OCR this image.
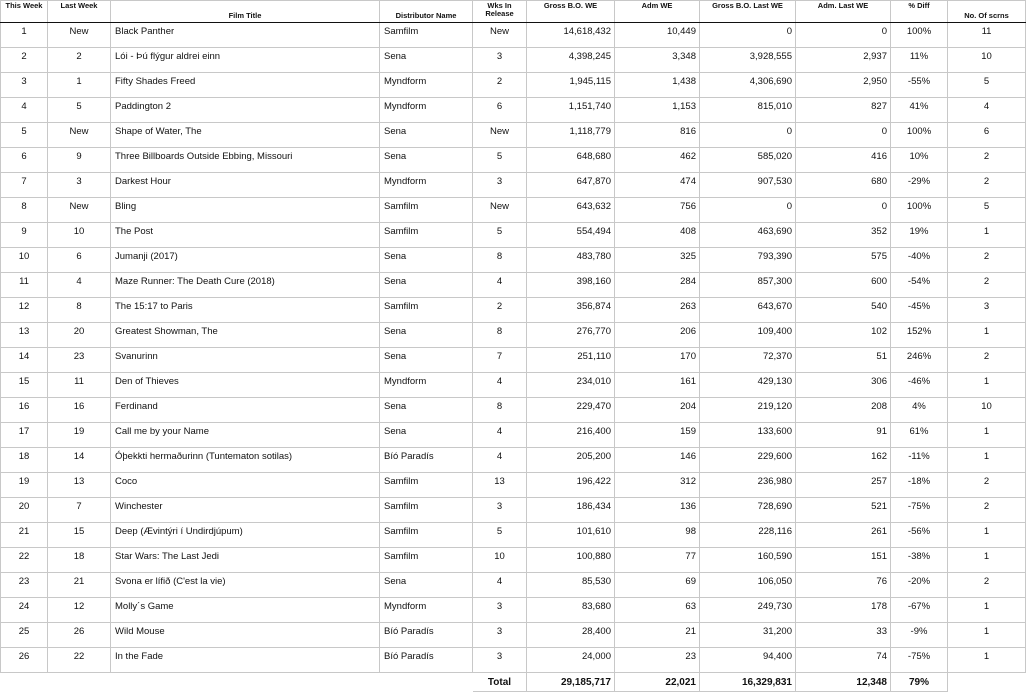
This Week	Last Week	Film Title	Distributor Name	Wks In Release	Gross B.O. WE	Adm WE	Gross B.O. Last WE	Adm. Last WE	% Diff	No. Of scrns
1	New	Black Panther	Samfilm	New	14,618,432	10,449	0	0	100%	11
2	2	Lói - Þú flýgur aldrei einn	Sena	3	4,398,245	3,348	3,928,555	2,937	11%	10
3	1	Fifty Shades Freed	Myndform	2	1,945,115	1,438	4,306,690	2,950	-55%	5
4	5	Paddington 2	Myndform	6	1,151,740	1,153	815,010	827	41%	4
5	New	Shape of Water, The	Sena	New	1,118,779	816	0	0	100%	6
6	9	Three Billboards Outside Ebbing, Missouri	Sena	5	648,680	462	585,020	416	10%	2
7	3	Darkest Hour	Myndform	3	647,870	474	907,530	680	-29%	2
8	New	Bling	Samfilm	New	643,632	756	0	0	100%	5
9	10	The Post	Samfilm	5	554,494	408	463,690	352	19%	1
10	6	Jumanji (2017)	Sena	8	483,780	325	793,390	575	-40%	2
11	4	Maze Runner: The Death Cure (2018)	Sena	4	398,160	284	857,300	600	-54%	2
12	8	The 15:17 to Paris	Samfilm	2	356,874	263	643,670	540	-45%	3
13	20	Greatest Showman, The	Sena	8	276,770	206	109,400	102	152%	1
14	23	Svanurinn	Sena	7	251,110	170	72,370	51	246%	2
15	11	Den of Thieves	Myndform	4	234,010	161	429,130	306	-46%	1
16	16	Ferdinand	Sena	8	229,470	204	219,120	208	4%	10
17	19	Call me by your Name	Sena	4	216,400	159	133,600	91	61%	1
18	14	Óþekkti hermaðurinn (Tuntematon sotilas)	Bíó Paradís	4	205,200	146	229,600	162	-11%	1
19	13	Coco	Samfilm	13	196,422	312	236,980	257	-18%	2
20	7	Winchester	Samfilm	3	186,434	136	728,690	521	-75%	2
21	15	Deep (Ævintýri í Undirdjúpum)	Samfilm	5	101,610	98	228,116	261	-56%	1
22	18	Star Wars: The Last Jedi	Samfilm	10	100,880	77	160,590	151	-38%	1
23	21	Svona er lífið (C'est la vie)	Sena	4	85,530	69	106,050	76	-20%	2
24	12	Molly´s Game	Myndform	3	83,680	63	249,730	178	-67%	1
25	26	Wild Mouse	Bíó Paradís	3	28,400	21	31,200	33	-9%	1
26	22	In the Fade	Bíó Paradís	3	24,000	23	94,400	74	-75%	1
				Total	29,185,717	22,021	16,329,831	12,348	79%	
